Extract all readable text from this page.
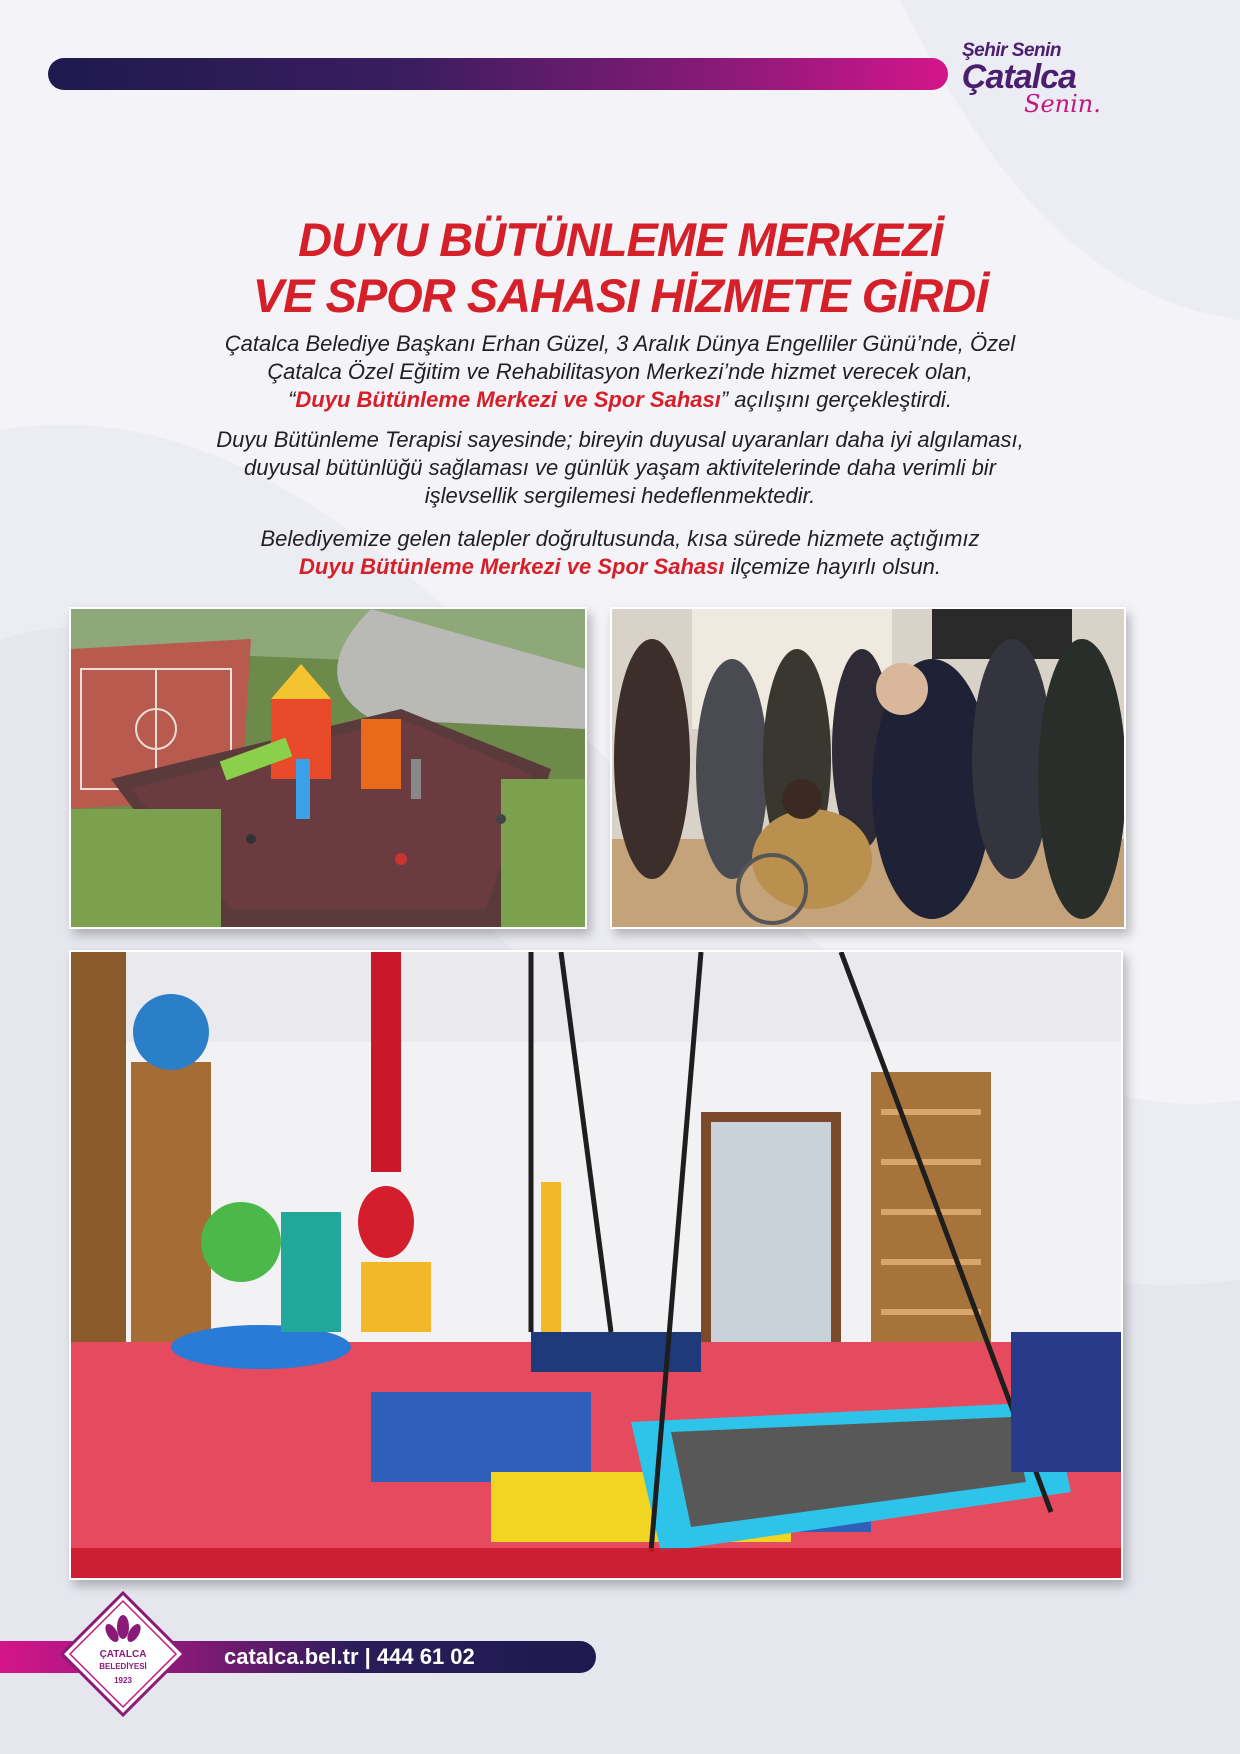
Şehir Senin
Çatalca
Senin.
DUYU BÜTÜNLEME MERKEZİ
VE SPOR SAHASI HİZMETE GİRDİ
Çatalca Belediye Başkanı Erhan Güzel, 3 Aralık Dünya Engelliler Günü’nde, Özel
Çatalca Özel Eğitim ve Rehabilitasyon Merkezi’nde hizmet verecek olan,
“Duyu Bütünleme Merkezi ve Spor Sahası” açılışını gerçekleştirdi.
Duyu Bütünleme Terapisi sayesinde; bireyin duyusal uyaranları daha iyi algılaması,
duyusal bütünlüğü sağlaması ve günlük yaşam aktivitelerinde daha verimli bir
işlevsellik sergilemesi hedeflenmektedir.
Belediyemize gelen talepler doğrultusunda, kısa sürede hizmete açtığımız
Duyu Bütünleme Merkezi ve Spor Sahası ilçemize hayırlı olsun.
catalca.bel.tr | 444 61 02
ÇATALCA
BELEDİYESİ
1923
